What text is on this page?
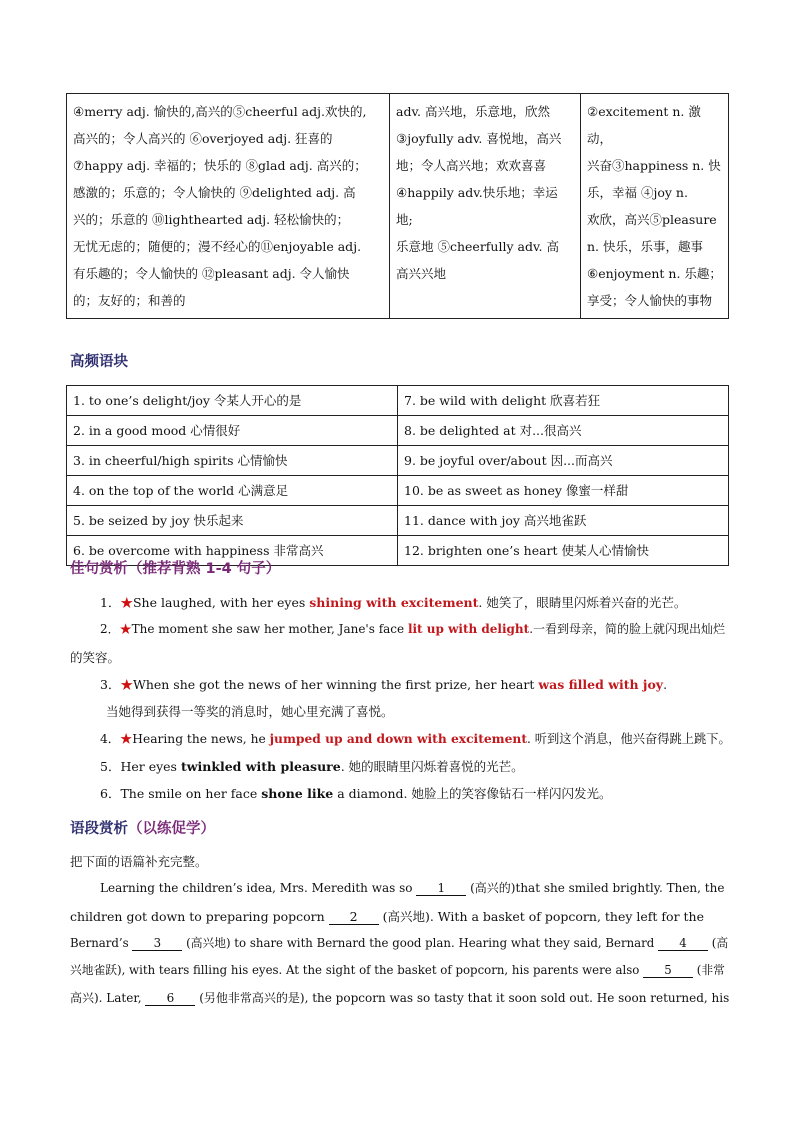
④merry adj. 愉快的,高兴的⑤cheerful adj.欢快的,
高兴的；令人高兴的 ⑥overjoyed adj. 狂喜的
⑦happy adj. 幸福的；快乐的 ⑧glad adj. 高兴的；
感激的；乐意的；令人愉快的 ⑨delighted adj. 高
兴的；乐意的 ⑩lighthearted adj. 轻松愉快的；
无忧无虑的；随便的；漫不经心的⑪enjoyable adj.
有乐趣的；令人愉快的 ⑫pleasant adj. 令人愉快
的；友好的；和善的

adv. 高兴地，乐意地，欣然
③joyfully adv. 喜悦地，高兴
地；令人高兴地；欢欢喜喜
④happily adv.快乐地；幸运地;
乐意地 ⑤cheerfully adv. 高
高兴兴地

②excitement n. 激动，
兴奋③happiness n. 快
乐，幸福 ④joy n.
欢欣，高兴⑤pleasure
n. 快乐，乐事，趣事
⑥enjoyment n. 乐趣；
享受；令人愉快的事物
高频语块
1. to one’s delight/joy 令某人开心的是	7. be wild with delight 欣喜若狂
2. in a good mood 心情很好	8. be delighted at 对...很高兴
3. in cheerful/high spirits 心情愉快	9. be joyful over/about 因...而高兴
4. on the top of the world 心满意足	10. be as sweet as honey 像蜜一样甜
5. be seized by joy 快乐起来	11. dance with joy 高兴地雀跃
6. be overcome with happiness 非常高兴	12. brighten one’s heart 使某人心情愉快
佳句赏析（推荐背熟 1-4 句子）
1．★She laughed, with her eyes shining with excitement. 她笑了，眼睛里闪烁着兴奋的光芒。
2．★The moment she saw her mother, Jane's face lit up with delight.一看到母亲，简的脸上就闪现出灿烂
的笑容。
3．★When she got the news of her winning the first prize, her heart was filled with joy.
当她得到获得一等奖的消息时，她心里充满了喜悦。
4．★Hearing the news, he jumped up and down with excitement. 听到这个消息，他兴奋得跳上跳下。
5．Her eyes twinkled with pleasure. 她的眼睛里闪烁着喜悦的光芒。
6．The smile on her face shone like a diamond. 她脸上的笑容像钻石一样闪闪发光。
语段赏析（以练促学）
把下面的语篇补充完整。
Learning the children’s idea, Mrs. Meredith was so 1 (高兴的)that she smiled brightly. Then, the
children got down to preparing popcorn 2 (高兴地). With a basket of popcorn, they left for the
Bernard’s 3 (高兴地) to share with Bernard the good plan. Hearing what they said, Bernard 4 (高
兴地雀跃), with tears filling his eyes. At the sight of the basket of popcorn, his parents were also 5 (非常
高兴). Later, 6 (另他非常高兴的是), the popcorn was so tasty that it soon sold out. He soon returned, his
